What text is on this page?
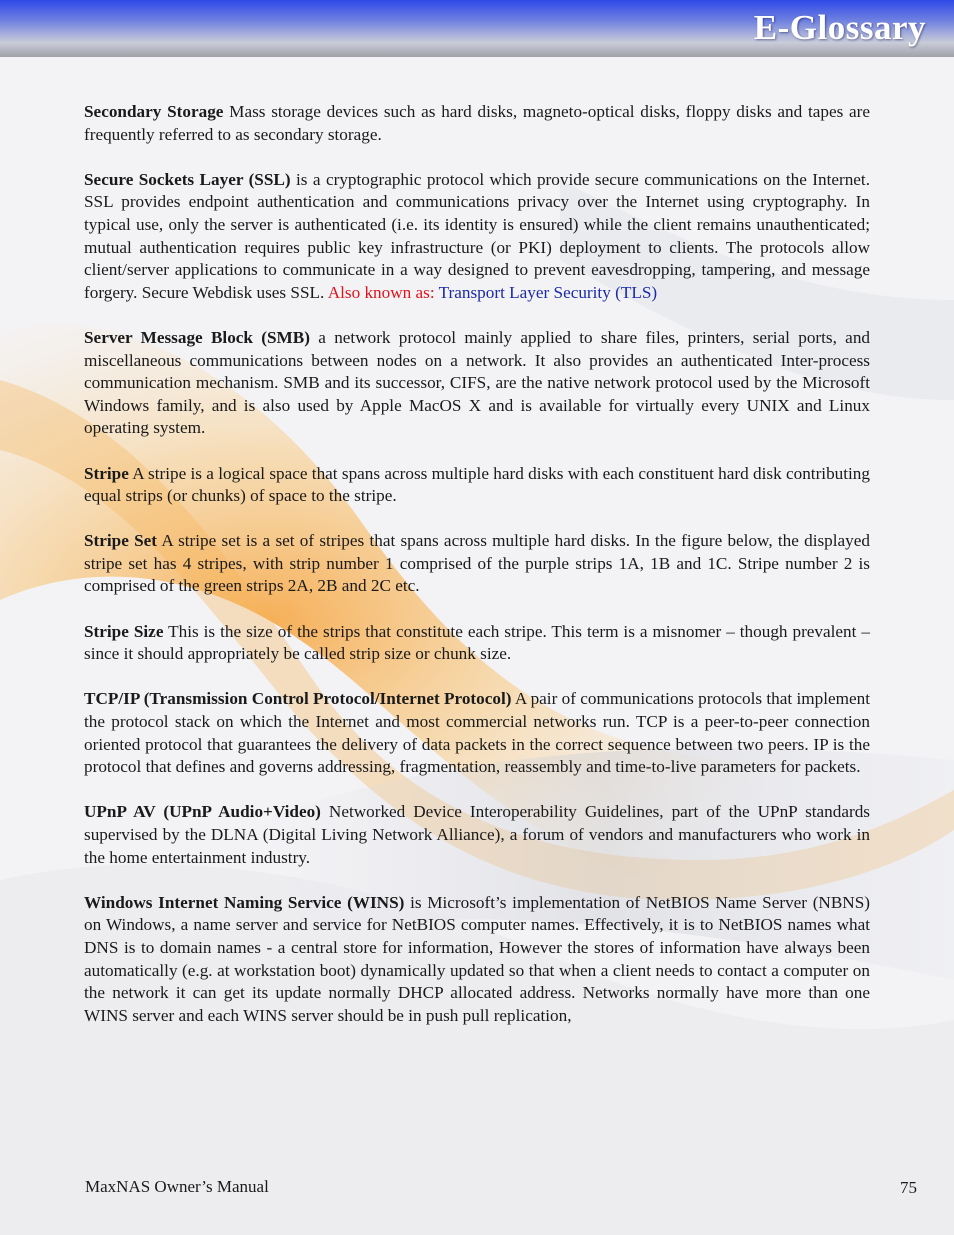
E-Glossary

Secondary Storage Mass storage devices such as hard disks, magneto-optical disks, floppy disks and tapes are frequently referred to as secondary storage.

Secure Sockets Layer (SSL) is a cryptographic protocol which provide secure communications on the Internet. SSL provides endpoint authentication and communications privacy over the Internet using cryptography. In typical use, only the server is authenticated (i.e. its identity is ensured) while the client remains unauthenticated; mutual authentication requires public key infrastructure (or PKI) deployment to clients. The protocols allow client/server applications to communicate in a way designed to prevent eavesdropping, tampering, and message forgery. Secure Webdisk uses SSL. Also known as: Transport Layer Security (TLS)

Server Message Block (SMB) a network protocol mainly applied to share files, printers, serial ports, and miscellaneous communications between nodes on a network. It also provides an authenticated Inter-process communication mechanism. SMB and its successor, CIFS, are the native network protocol used by the Microsoft Windows family, and is also used by Apple MacOS X and is available for virtually every UNIX and Linux operating system.

Stripe A stripe is a logical space that spans across multiple hard disks with each constituent hard disk contributing equal strips (or chunks) of space to the stripe.

Stripe Set A stripe set is a set of stripes that spans across multiple hard disks. In the figure below, the displayed stripe set has 4 stripes, with strip number 1 comprised of the purple strips 1A, 1B and 1C. Stripe number 2 is comprised of the green strips 2A, 2B and 2C etc.

Stripe Size This is the size of the strips that constitute each stripe. This term is a misnomer – though prevalent – since it should appropriately be called strip size or chunk size.

TCP/IP (Transmission Control Protocol/Internet Protocol) A pair of communications protocols that implement the protocol stack on which the Internet and most commercial networks run. TCP is a peer-to-peer connection oriented protocol that guarantees the delivery of data packets in the correct sequence between two peers. IP is the protocol that defines and governs addressing, fragmentation, reassembly and time-to-live parameters for packets.

UPnP AV (UPnP Audio+Video) Networked Device Interoperability Guidelines, part of the UPnP standards supervised by the DLNA (Digital Living Network Alliance), a forum of vendors and manufacturers who work in the home entertainment industry.

Windows Internet Naming Service (WINS) is Microsoft’s implementation of NetBIOS Name Server (NBNS) on Windows, a name server and service for NetBIOS computer names. Effectively, it is to NetBIOS names what DNS is to domain names - a central store for information, However the stores of information have always been automatically (e.g. at workstation boot) dynamically updated so that when a client needs to contact a computer on the network it can get its update normally DHCP allocated address. Networks normally have more than one WINS server and each WINS server should be in push pull replication,

MaxNAS Owner’s Manual	75
